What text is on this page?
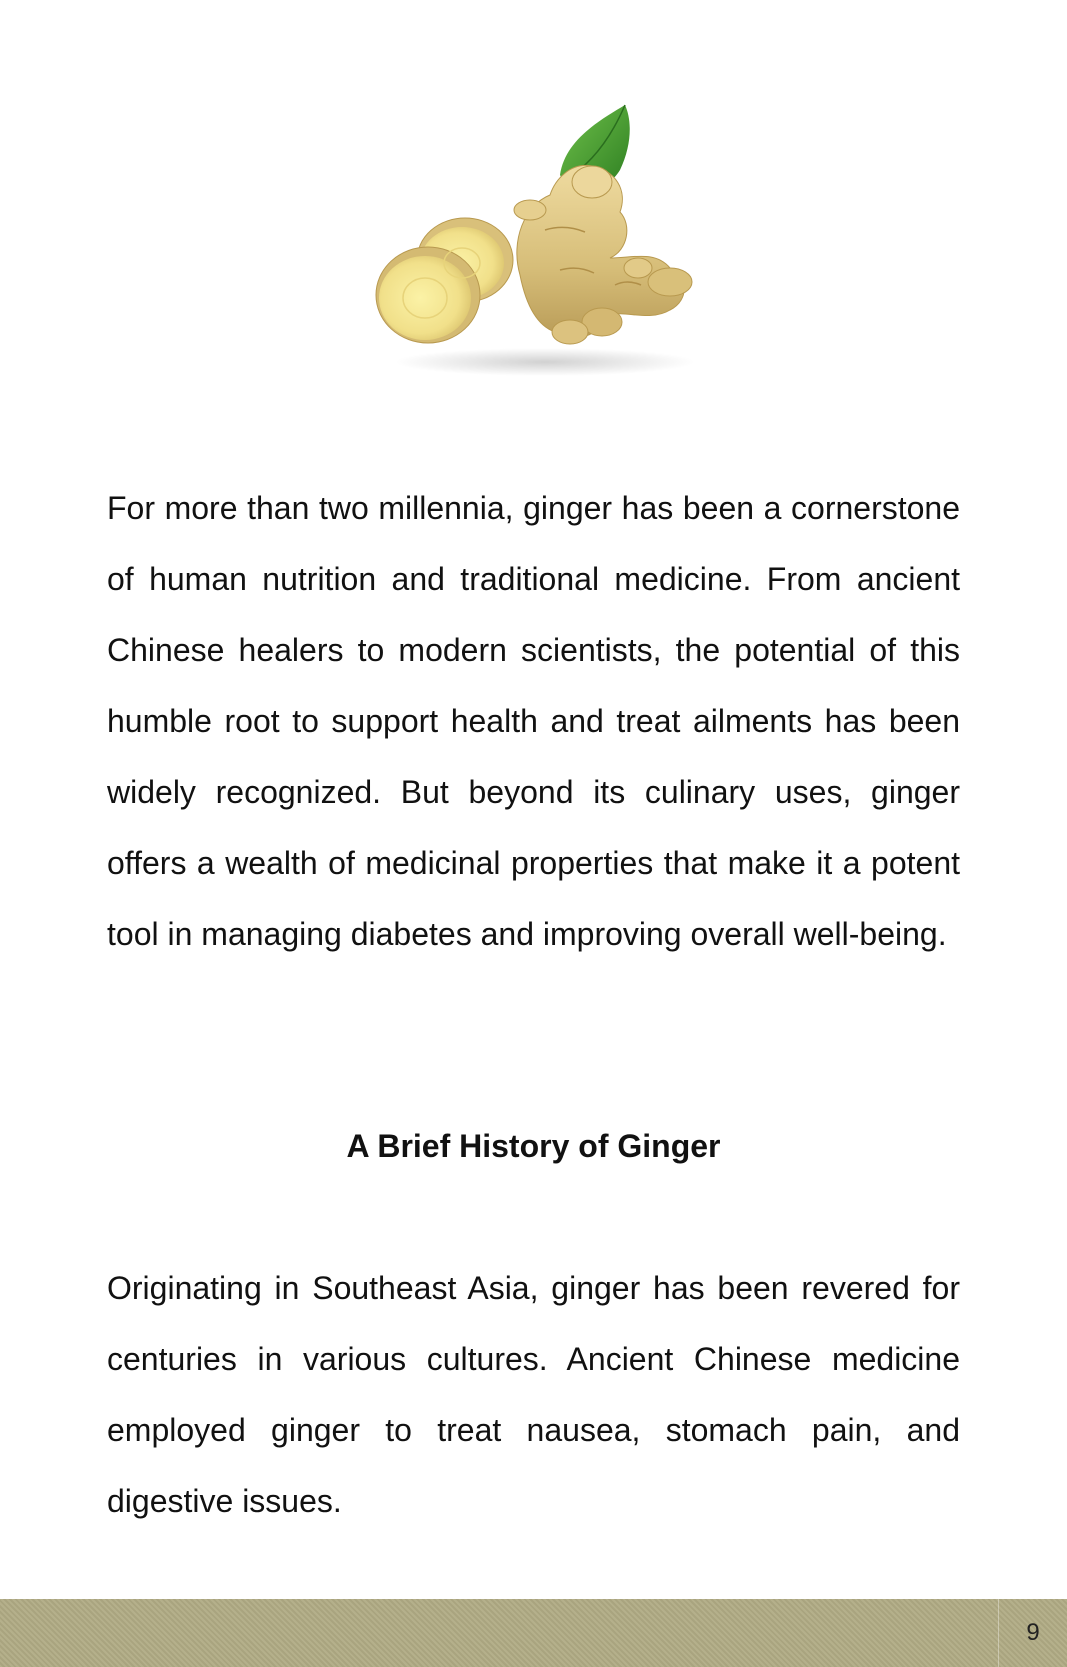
For more than two millennia, ginger has been a cornerstone of human nutrition and traditional medicine. From ancient Chinese healers to modern scientists, the potential of this humble root to support health and treat ailments has been widely recognized. But beyond its culinary uses, ginger offers a wealth of medicinal properties that make it a potent tool in managing diabetes and improving overall well-being.

A Brief History of Ginger

Originating in Southeast Asia, ginger has been revered for centuries in various cultures. Ancient Chinese medicine employed ginger to treat nausea, stomach pain, and digestive issues.

9
